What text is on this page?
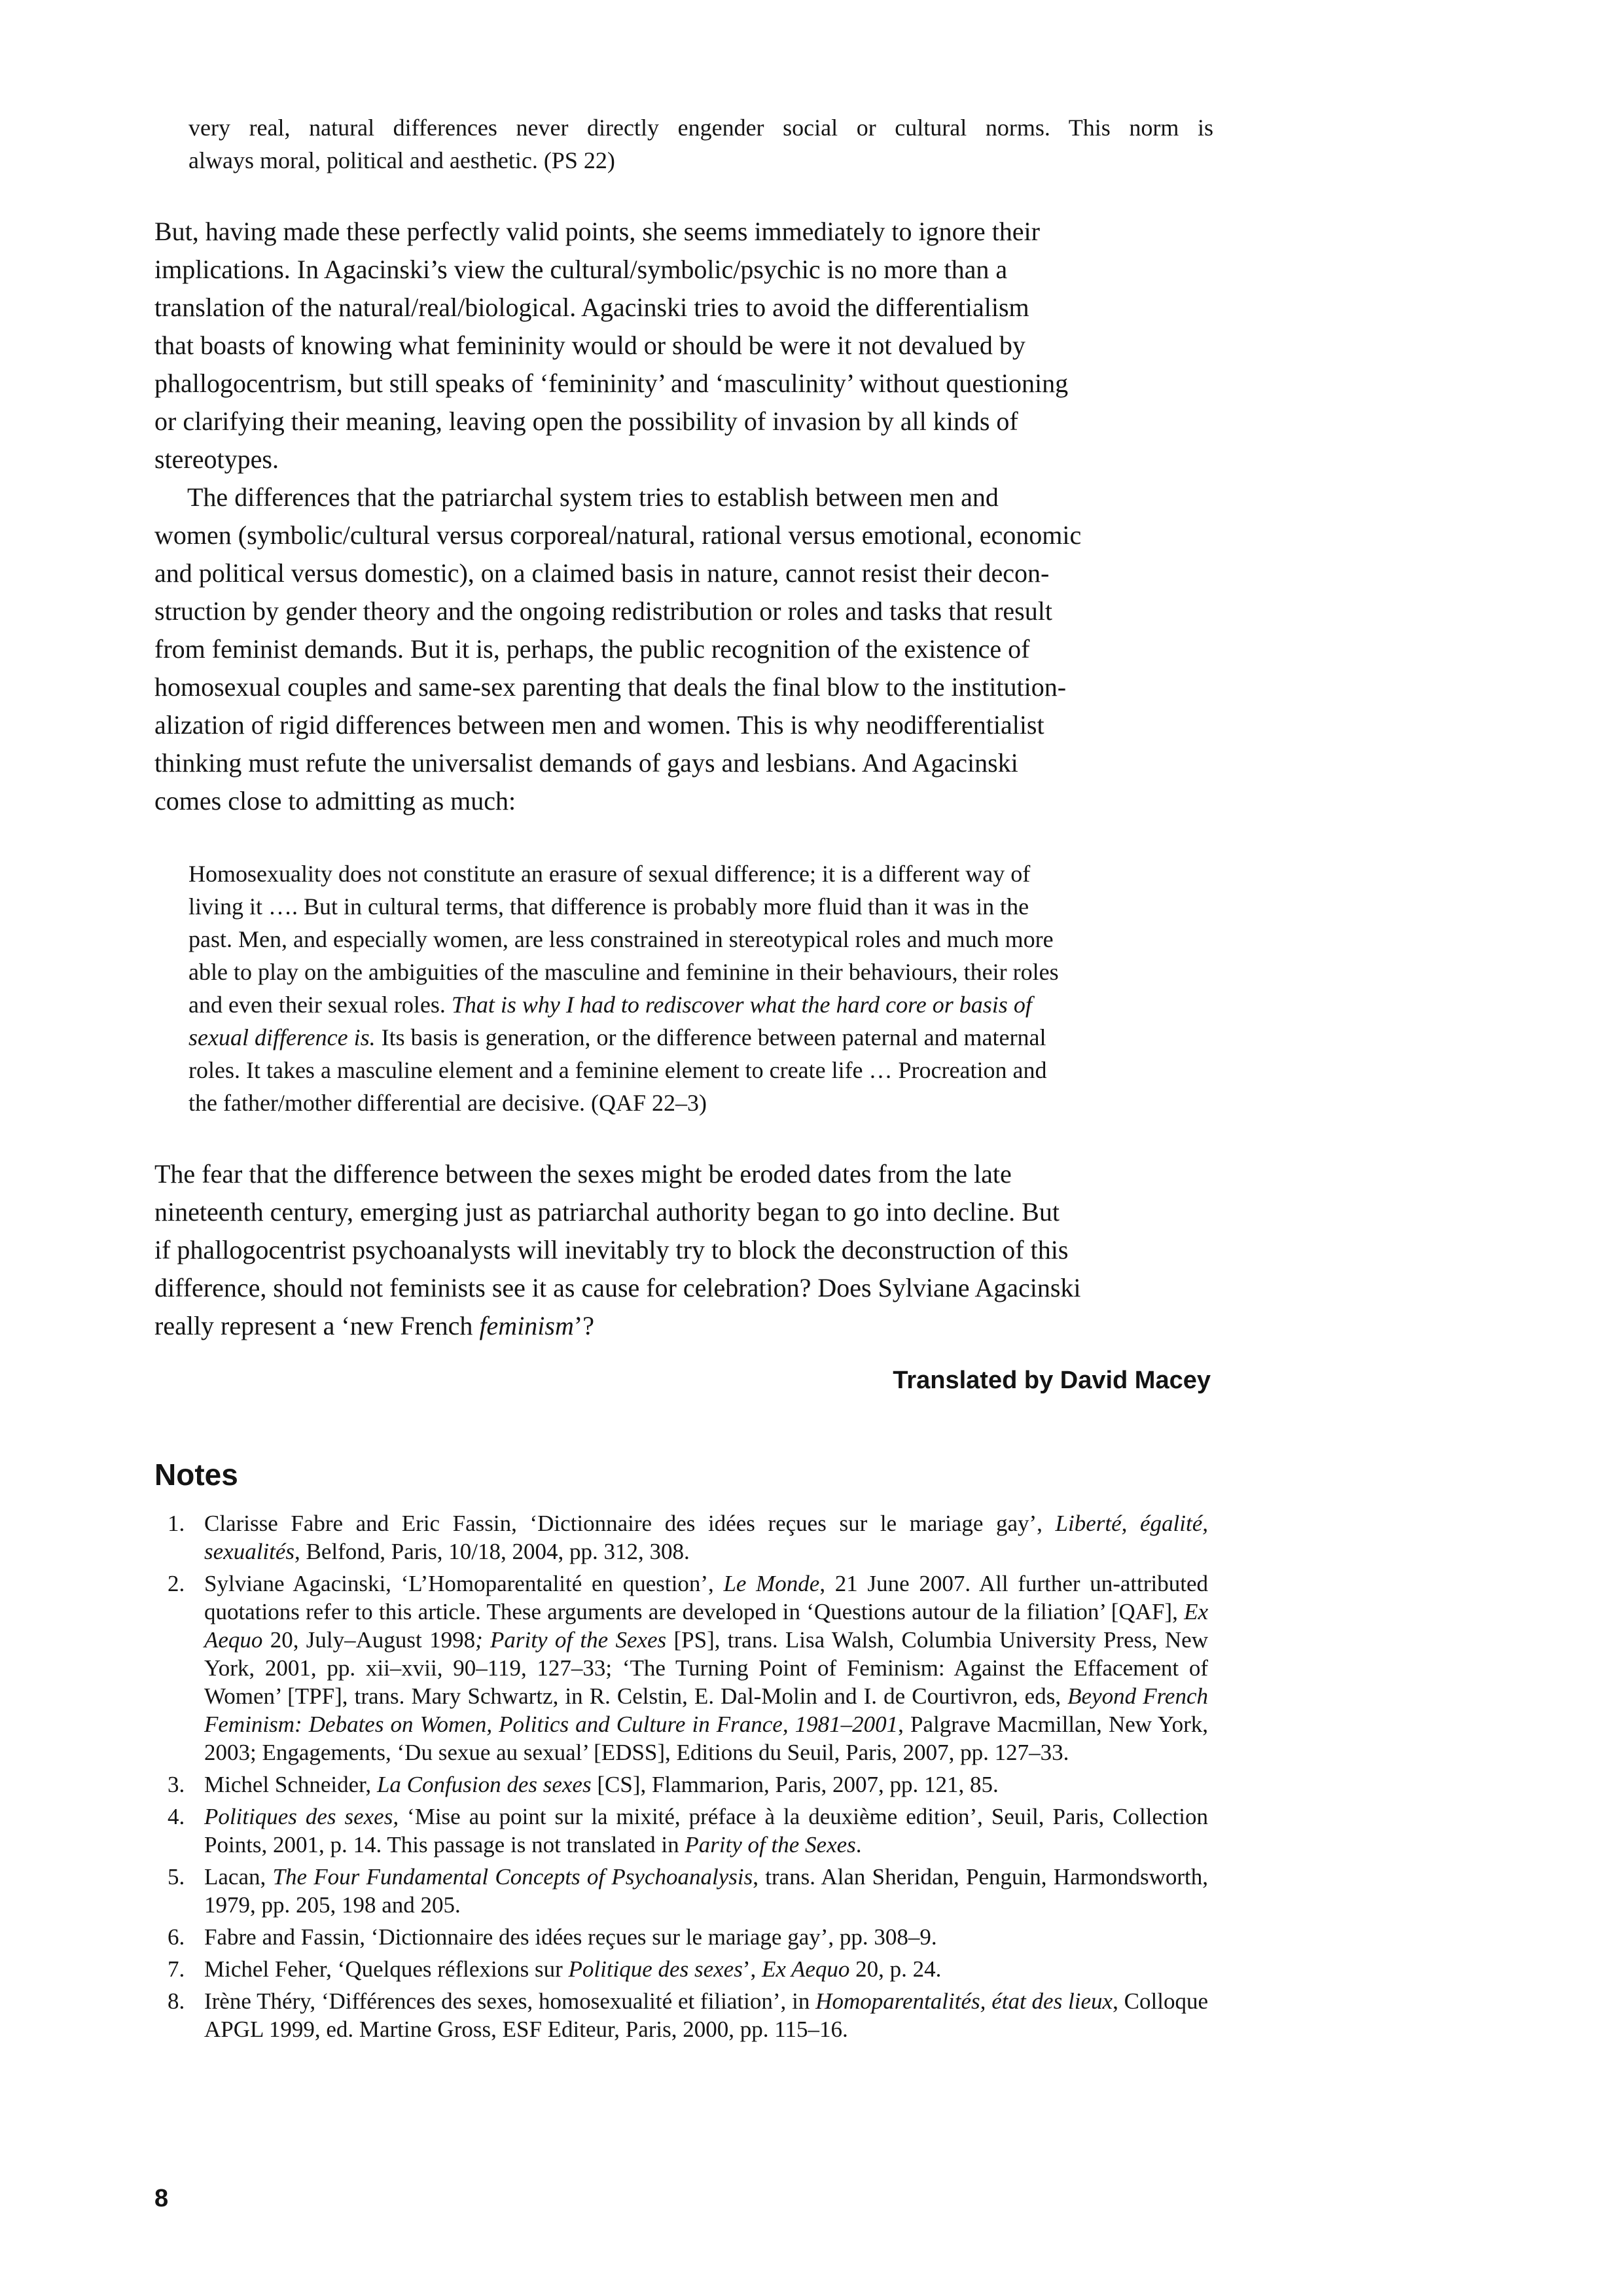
very real, natural differences never directly engender social or cultural norms. This norm is
always moral, political and aesthetic. (PS 22)

But, having made these perfectly valid points, she seems immediately to ignore their
implications. In Agacinski’s view the cultural/symbolic/psychic is no more than a
translation of the natural/real/biological. Agacinski tries to avoid the differentialism
that boasts of knowing what femininity would or should be were it not devalued by
phallogocentrism, but still speaks of ‘femininity’ and ‘masculinity’ without questioning
or clarifying their meaning, leaving open the possibility of invasion by all kinds of
stereotypes.

The differences that the patriarchal system tries to establish between men and
women (symbolic/cultural versus corporeal/natural, rational versus emotional, economic
and political versus domestic), on a claimed basis in nature, cannot resist their decon-
struction by gender theory and the ongoing redistribution or roles and tasks that result
from feminist demands. But it is, perhaps, the public recognition of the existence of
homosexual couples and same-sex parenting that deals the final blow to the institution-
alization of rigid differences between men and women. This is why neodifferentialist
thinking must refute the universalist demands of gays and lesbians. And Agacinski
comes close to admitting as much:

Homosexuality does not constitute an erasure of sexual difference; it is a different way of
living it …. But in cultural terms, that difference is probably more fluid than it was in the
past. Men, and especially women, are less constrained in stereotypical roles and much more
able to play on the ambiguities of the masculine and feminine in their behaviours, their roles
and even their sexual roles. That is why I had to rediscover what the hard core or basis of
sexual difference is. Its basis is generation, or the difference between paternal and maternal
roles. It takes a masculine element and a feminine element to create life … Procreation and
the father/mother differential are decisive. (QAF 22–3)

The fear that the difference between the sexes might be eroded dates from the late
nineteenth century, emerging just as patriarchal authority began to go into decline. But
if phallogocentrist psychoanalysts will inevitably try to block the deconstruction of this
difference, should not feminists see it as cause for celebration? Does Sylviane Agacinski
really represent a ‘new French feminism’?

Translated by David Macey
Notes
1. Clarisse Fabre and Eric Fassin, ‘Dictionnaire des idées reçues sur le mariage gay’, Liberté, égalité, sexualités, Belfond, Paris, 10/18, 2004, pp. 312, 308.
2. Sylviane Agacinski, ‘L’Homoparentalité en question’, Le Monde, 21 June 2007. All further un-attributed quotations refer to this article. These arguments are developed in ‘Questions autour de la filiation’ [QAF], Ex Aequo 20, July–August 1998; Parity of the Sexes [PS], trans. Lisa Walsh, Columbia University Press, New York, 2001, pp. xii–xvii, 90–119, 127–33; ‘The Turning Point of Feminism: Against the Effacement of Women’ [TPF], trans. Mary Schwartz, in R. Celstin, E. Dal-Molin and I. de Courtivron, eds, Beyond French Feminism: Debates on Women, Politics and Culture in France, 1981–2001, Palgrave Macmillan, New York, 2003; Engagements, ‘Du sexue au sexual’ [EDSS], Editions du Seuil, Paris, 2007, pp. 127–33.
3. Michel Schneider, La Confusion des sexes [CS], Flammarion, Paris, 2007, pp. 121, 85.
4. Politiques des sexes, ‘Mise au point sur la mixité, préface à la deuxième edition’, Seuil, Paris, Collection Points, 2001, p. 14. This passage is not translated in Parity of the Sexes.
5. Lacan, The Four Fundamental Concepts of Psychoanalysis, trans. Alan Sheridan, Penguin, Harmondsworth, 1979, pp. 205, 198 and 205.
6. Fabre and Fassin, ‘Dictionnaire des idées reçues sur le mariage gay’, pp. 308–9.
7. Michel Feher, ‘Quelques réflexions sur Politique des sexes’, Ex Aequo 20, p. 24.
8. Irène Théry, ‘Différences des sexes, homosexualité et filiation’, in Homoparentalités, état des lieux, Colloque APGL 1999, ed. Martine Gross, ESF Editeur, Paris, 2000, pp. 115–16.
8
